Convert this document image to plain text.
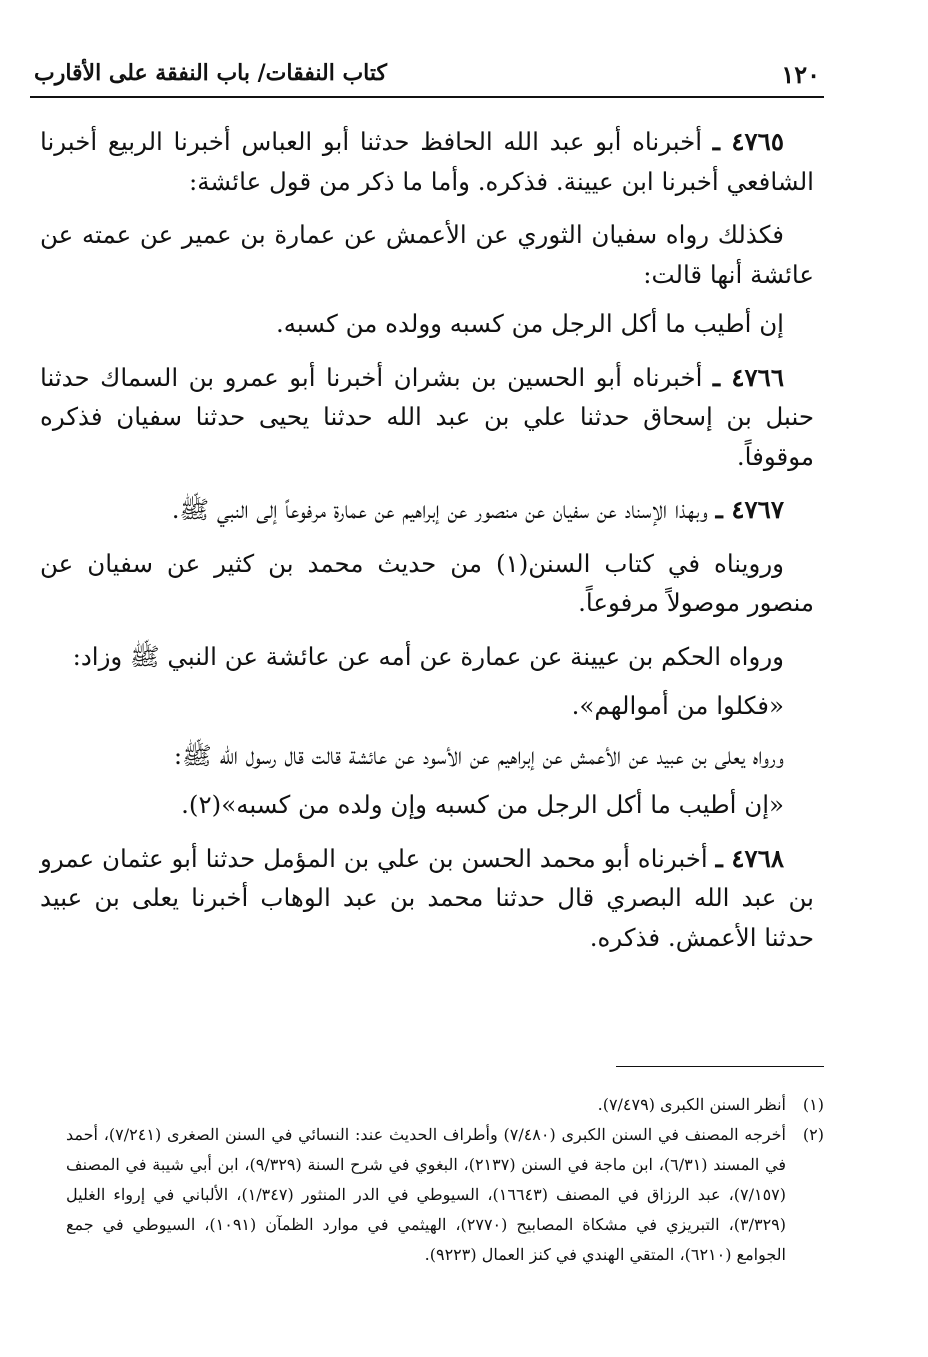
١٢٠
كتاب النفقات/ باب النفقة على الأقارب

٤٧٦٥ ـ أخبرناه أبو عبد الله الحافظ حدثنا أبو العباس أخبرنا الربيع أخبرنا الشافعي أخبرنا ابن عيينة. فذكره. وأما ما ذكر من قول عائشة:

فكذلك رواه سفيان الثوري عن الأعمش عن عمارة بن عمير عن عمته عن عائشة أنها قالت:

إن أطيب ما أكل الرجل من كسبه وولده من كسبه.

٤٧٦٦ ـ أخبرناه أبو الحسين بن بشران أخبرنا أبو عمرو بن السماك حدثنا حنبل بن إسحاق حدثنا علي بن عبد الله حدثنا يحيى حدثنا سفيان فذكره موقوفاً.

٤٧٦٧ ـ وبهذا الإسناد عن سفيان عن منصور عن إبراهيم عن عمارة مرفوعاً إلى النبي ﷺ.

ورويناه في كتاب السنن(١) من حديث محمد بن كثير عن سفيان عن منصور موصولاً مرفوعاً.

ورواه الحكم بن عيينة عن عمارة عن أمه عن عائشة عن النبي ﷺ وزاد:

«فكلوا من أموالهم».

ورواه يعلى بن عبيد عن الأعمش عن إبراهيم عن الأسود عن عائشة قالت قال رسول الله ﷺ:

«إن أطيب ما أكل الرجل من كسبه وإن ولده من كسبه»(٢).

٤٧٦٨ ـ أخبرناه أبو محمد الحسن بن علي بن المؤمل حدثنا أبو عثمان عمرو بن عبد الله البصري قال حدثنا محمد بن عبد الوهاب أخبرنا يعلى بن عبيد حدثنا الأعمش. فذكره.

(١)
أنظر السنن الكبرى (٧/٤٧٩).

(٢)
أخرجه المصنف في السنن الكبرى (٧/٤٨٠) وأطراف الحديث عند: النسائي في السنن الصغرى (٧/٢٤١)، أحمد في المسند (٦/٣١)، ابن ماجة في السنن (٢١٣٧)، البغوي في شرح السنة (٩/٣٢٩)، ابن أبي شيبة في المصنف (٧/١٥٧)، عبد الرزاق في المصنف (١٦٦٤٣)، السيوطي في الدر المنثور (١/٣٤٧)، الألباني في إرواء الغليل (٣/٣٢٩)، التبريزي في مشكاة المصابيح (٢٧٧٠)، الهيثمي في موارد الظمآن (١٠٩١)، السيوطي في جمع الجوامع (٦٢١٠)، المتقي الهندي في كنز العمال (٩٢٢٣).
